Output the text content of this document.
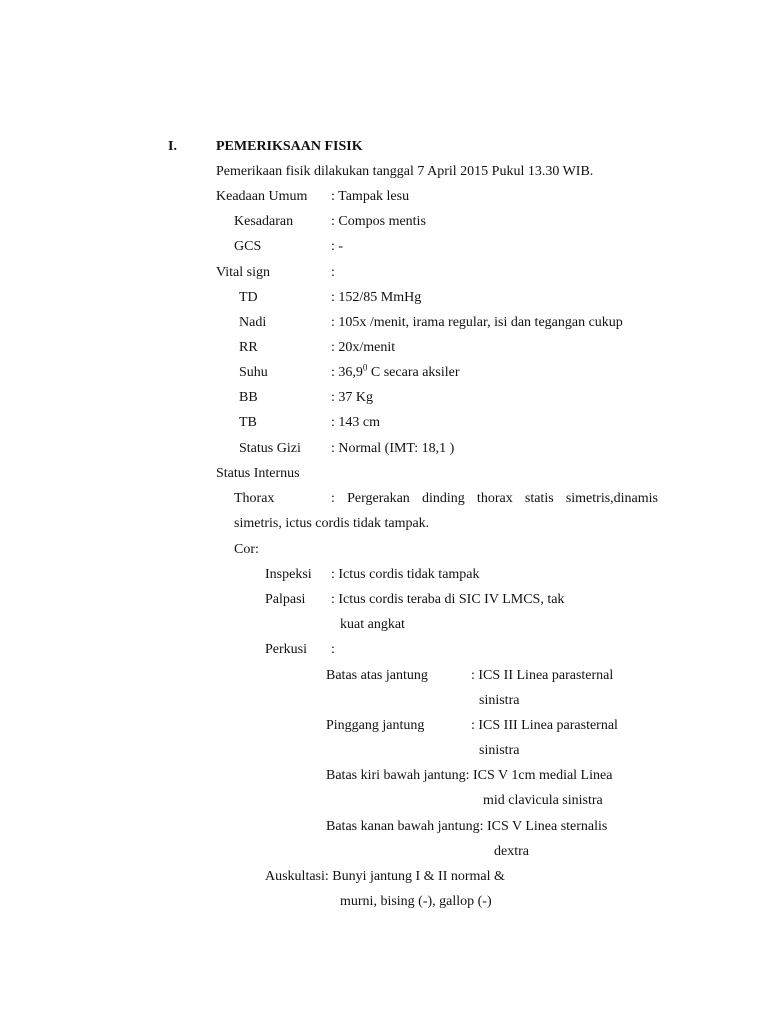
I.	PEMERIKSAAN FISIK
Pemerikaan fisik dilakukan tanggal 7 April 2015 Pukul 13.30 WIB.
Keadaan Umum : Tampak lesu
Kesadaran	: Compos mentis
GCS	: -
Vital sign	:
TD	: 152/85 MmHg
Nadi	: 105x /menit, irama regular, isi dan tegangan cukup
RR	: 20x/menit
Suhu	: 36,9$^0$ C secara aksiler
BB	: 37 Kg
TB	: 143 cm
Status Gizi : Normal (IMT: 18,1 )
Status Internus
Thorax	: Pergerakan dinding thorax statis simetris,dinamis
simetris, ictus cordis tidak tampak.
Cor:
Inspeksi : Ictus cordis tidak tampak
Palpasi : Ictus cordis teraba di SIC IV LMCS, tak
kuat angkat
Perkusi :
Batas atas jantung	: ICS II Linea parasternal
sinistra
Pinggang jantung	: ICS III Linea parasternal
sinistra
Batas kiri bawah jantung: ICS V 1cm medial Linea
mid clavicula sinistra
Batas kanan bawah jantung: ICS V Linea sternalis
dextra
Auskultasi: Bunyi jantung I & II normal &
murni, bising (-), gallop (-)
